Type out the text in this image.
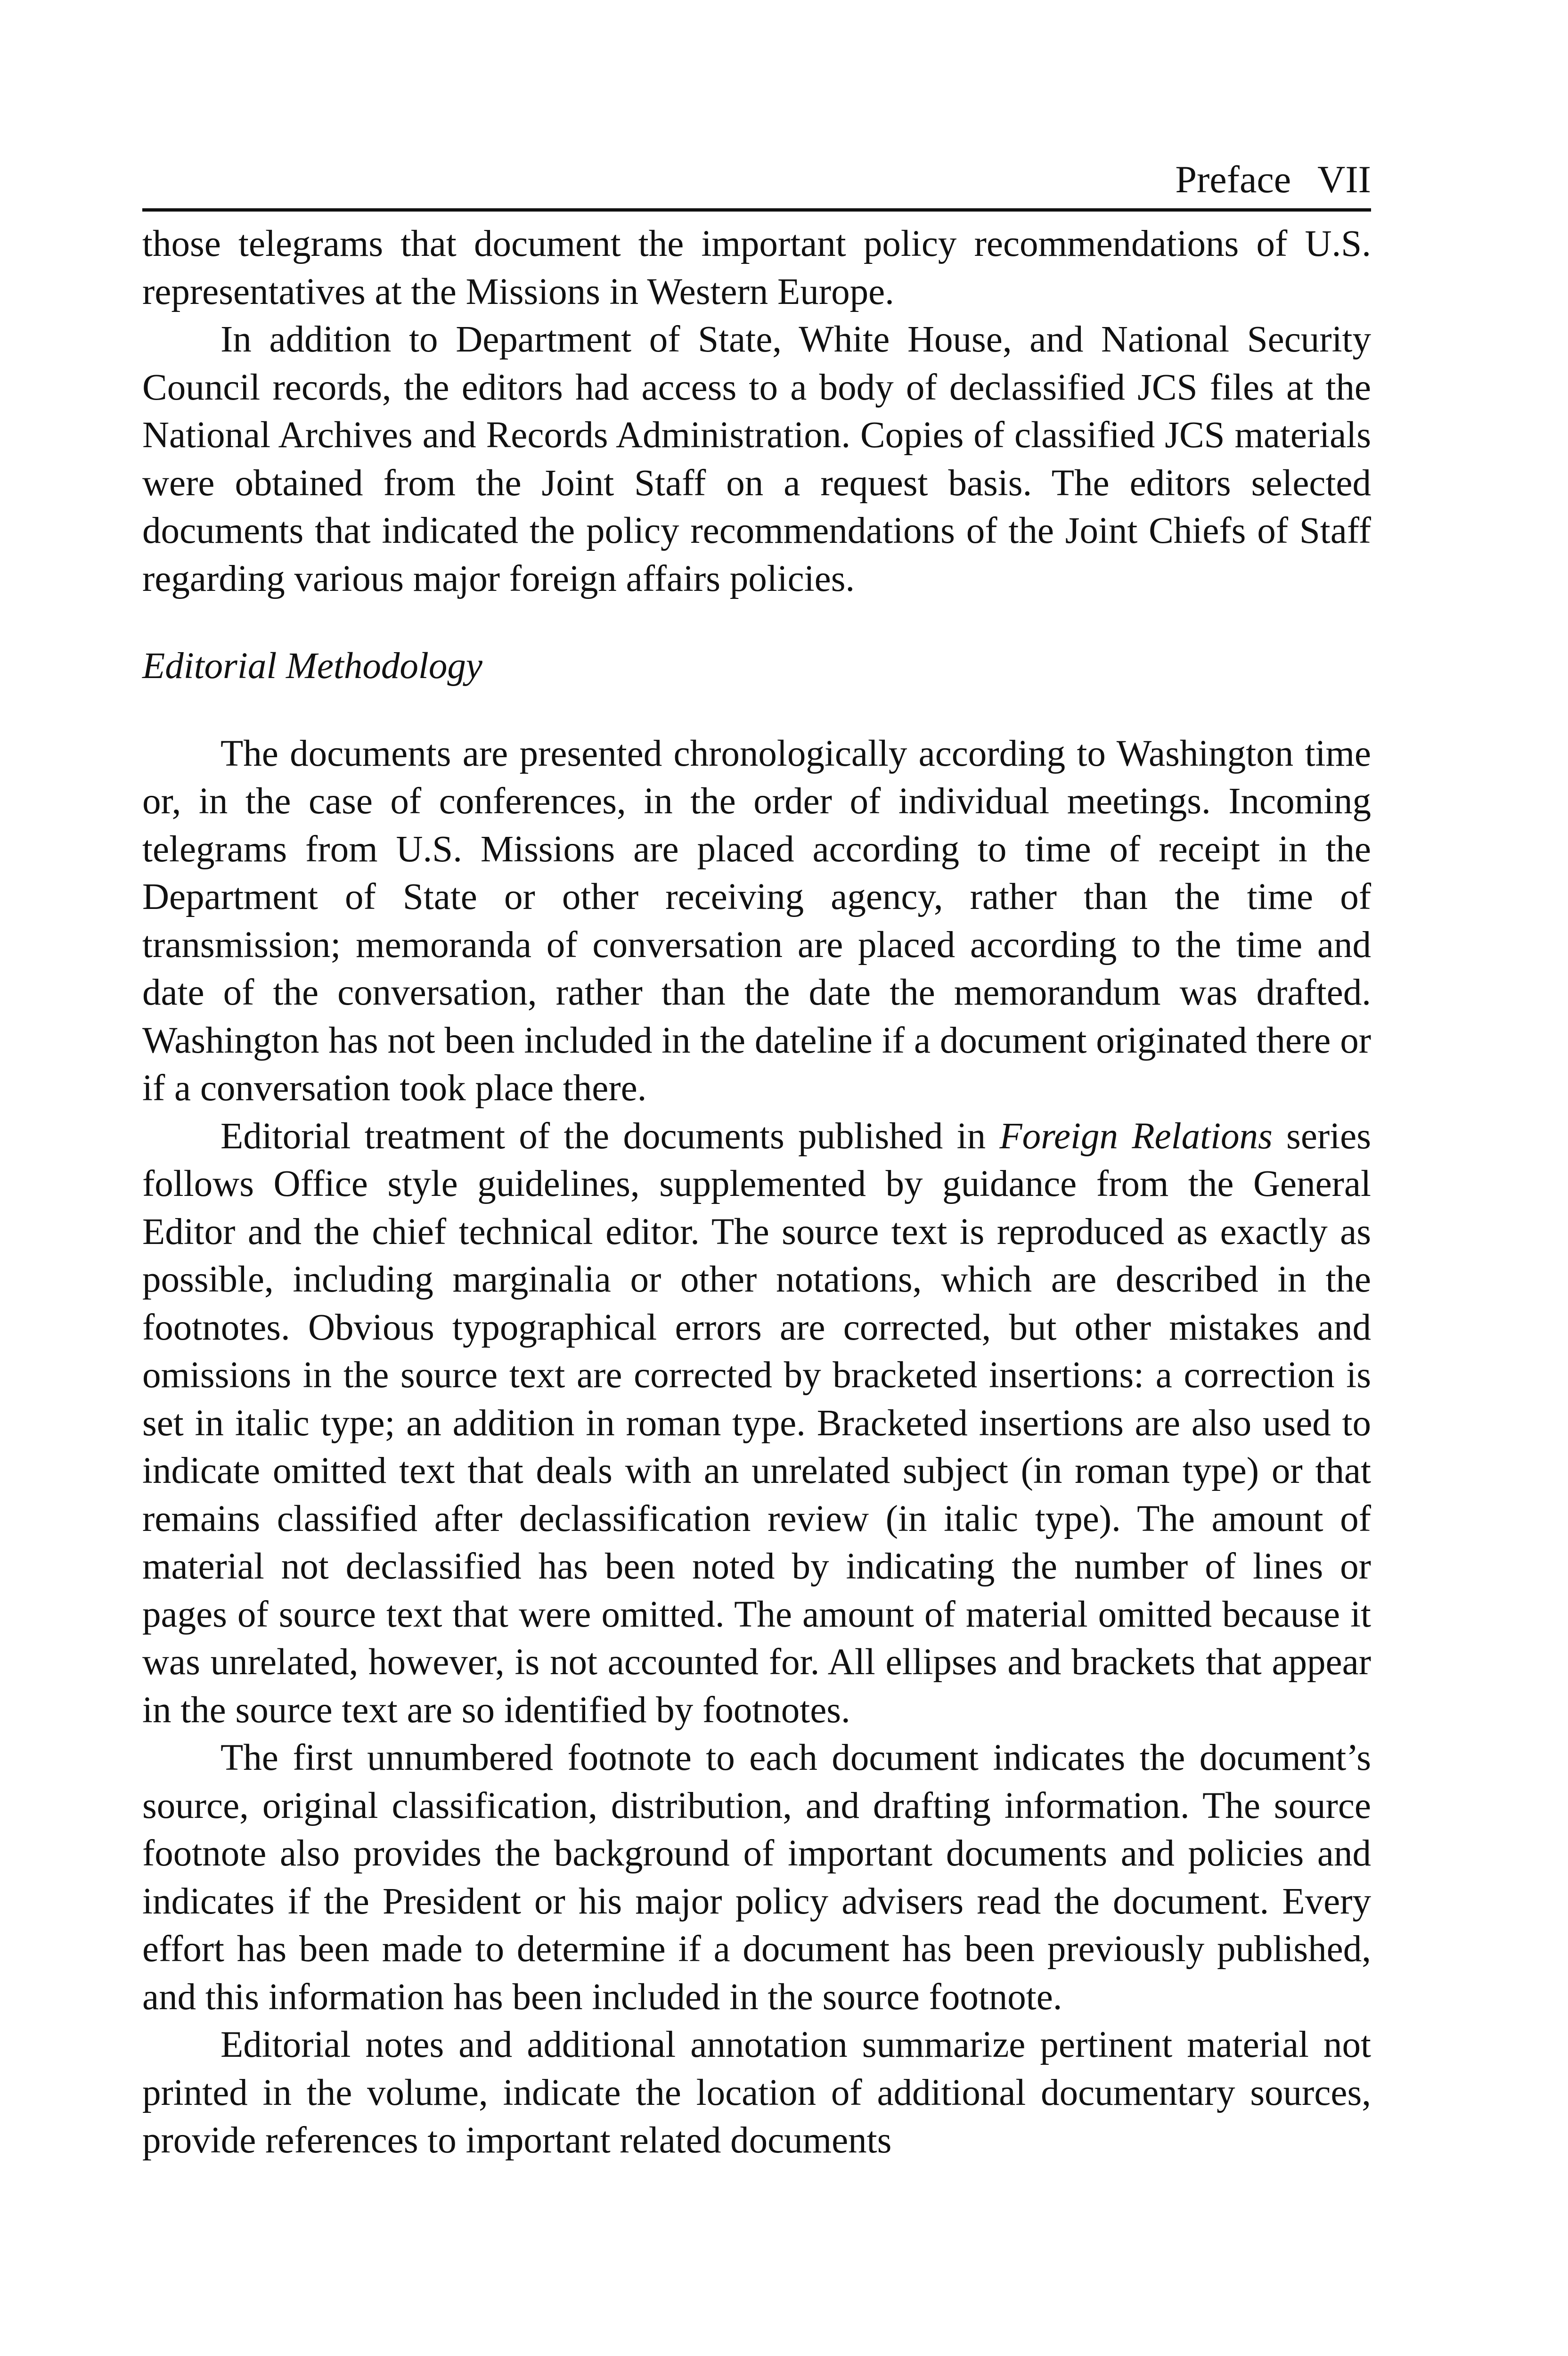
Preface VII

those telegrams that document the important policy recommendations of U.S. representatives at the Missions in Western Europe.

In addition to Department of State, White House, and National Security Council records, the editors had access to a body of declassified JCS files at the National Archives and Records Administration. Copies of classified JCS materials were obtained from the Joint Staff on a request basis. The editors selected documents that indicated the policy recommendations of the Joint Chiefs of Staff regarding various major foreign affairs policies.

Editorial Methodology

The documents are presented chronologically according to Washington time or, in the case of conferences, in the order of individual meetings. Incoming telegrams from U.S. Missions are placed according to time of receipt in the Department of State or other receiving agency, rather than the time of transmission; memoranda of conversation are placed according to the time and date of the conversation, rather than the date the memorandum was drafted. Washington has not been included in the dateline if a document originated there or if a conversation took place there.

Editorial treatment of the documents published in Foreign Relations series follows Office style guidelines, supplemented by guidance from the General Editor and the chief technical editor. The source text is reproduced as exactly as possible, including marginalia or other notations, which are described in the footnotes. Obvious typographical errors are corrected, but other mistakes and omissions in the source text are corrected by bracketed insertions: a correction is set in italic type; an addition in roman type. Bracketed insertions are also used to indicate omitted text that deals with an unrelated subject (in roman type) or that remains classified after declassification review (in italic type). The amount of material not declassified has been noted by indicating the number of lines or pages of source text that were omitted. The amount of material omitted because it was unrelated, however, is not accounted for. All ellipses and brackets that appear in the source text are so identified by footnotes.

The first unnumbered footnote to each document indicates the document’s source, original classification, distribution, and drafting information. The source footnote also provides the background of important documents and policies and indicates if the President or his major policy advisers read the document. Every effort has been made to determine if a document has been previously published, and this information has been included in the source footnote.

Editorial notes and additional annotation summarize pertinent material not printed in the volume, indicate the location of additional documentary sources, provide references to important related documents
